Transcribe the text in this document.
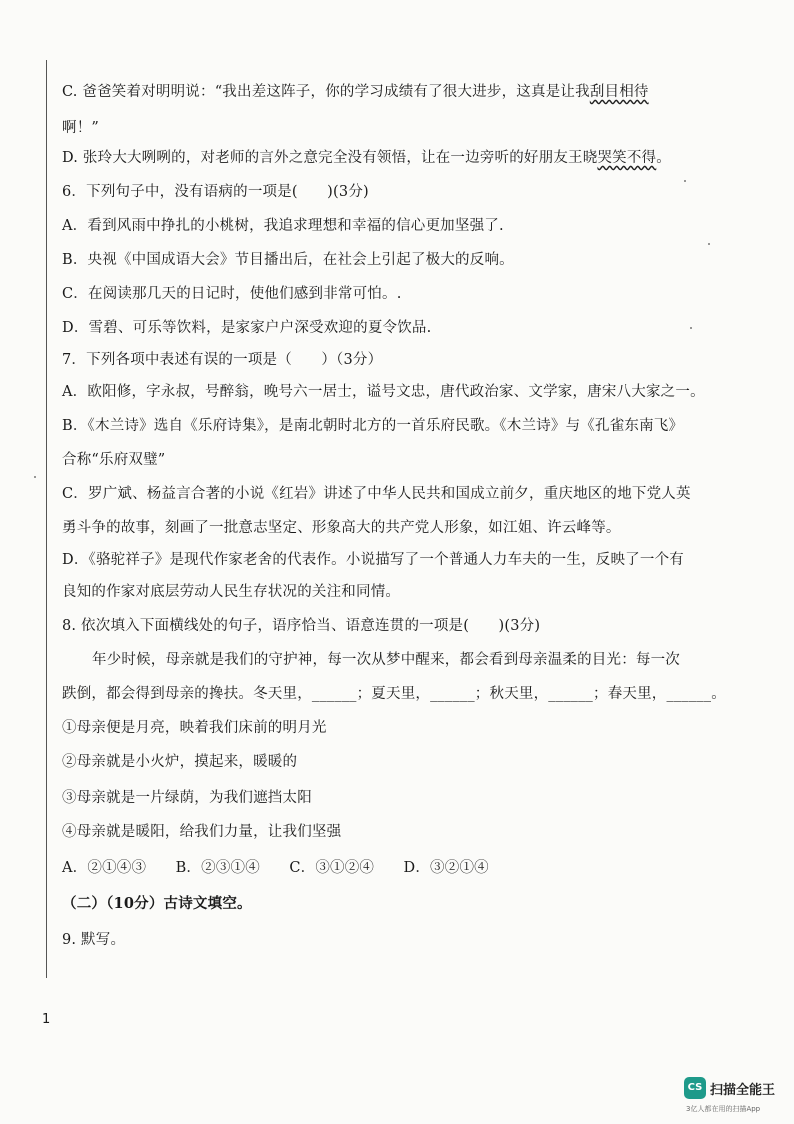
C. 爸爸笑着对明明说：“我出差这阵子，你的学习成绩有了很大进步，这真是让我刮目相待
啊！”
D. 张玲大大咧咧的，对老师的言外之意完全没有领悟，让在一边旁听的好朋友王晓哭笑不得。
6．下列句子中，没有语病的一项是(　　)(3分)
A．看到风雨中挣扎的小桃树，我追求理想和幸福的信心更加坚强了.
B．央视《中国成语大会》节目播出后，在社会上引起了极大的反响。
C．在阅读那几天的日记时，使他们感到非常可怕。.
D．雪碧、可乐等饮料，是家家户户深受欢迎的夏令饮品.
7．下列各项中表述有误的一项是（　　）（3分）
A．欧阳修，字永叔，号醉翁，晚号六一居士，谥号文忠，唐代政治家、文学家，唐宋八大家之一。
B．《木兰诗》选自《乐府诗集》，是南北朝时北方的一首乐府民歌。《木兰诗》与《孔雀东南飞》
合称“乐府双璧”
C．罗广斌、杨益言合著的小说《红岩》讲述了中华人民共和国成立前夕，重庆地区的地下党人英
勇斗争的故事，刻画了一批意志坚定、形象高大的共产党人形象，如江姐、许云峰等。
D．《骆驼祥子》是现代作家老舍的代表作。小说描写了一个普通人力车夫的一生，反映了一个有
良知的作家对底层劳动人民生存状况的关注和同情。
8. 依次填入下面横线处的句子，语序恰当、语意连贯的一项是(　　)(3分)
年少时候，母亲就是我们的守护神，每一次从梦中醒来，都会看到母亲温柔的目光：每一次
跌倒，都会得到母亲的搀扶。冬天里，______；夏天里，______；秋天里，______；春天里，______。
①母亲便是月亮，映着我们床前的明月光
②母亲就是小火炉，摸起来，暖暖的
③母亲就是一片绿荫，为我们遮挡太阳
④母亲就是暖阳，给我们力量，让我们坚强
A．②①④③　　B．②③①④　　C．③①②④　　D．③②①④
（二）（10分）古诗文填空。
9. 默写。
1
CS 扫描全能王
3亿人都在用的扫描App
